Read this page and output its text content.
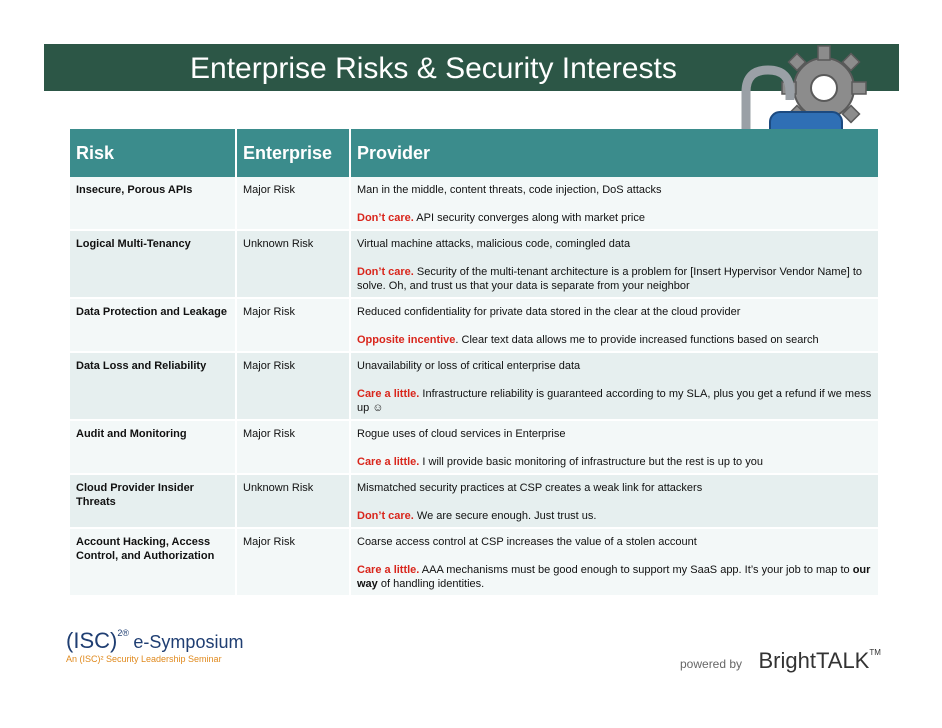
Enterprise Risks & Security Interests
Risk	Enterprise	Provider
Insecure, Porous APIs	Major Risk	Man in the middle, content threats, code injection, DoS attacks
Don’t care. API security converges along with market price

Logical Multi-Tenancy	Unknown Risk	Virtual machine attacks, malicious code, comingled data
Don’t care. Security of the multi-tenant architecture is a problem for [Insert Hypervisor Vendor Name] to solve. Oh, and trust us that your data is separate from your neighbor

Data Protection and Leakage	Major Risk	Reduced confidentiality for private data stored in the clear at the cloud provider
Opposite incentive. Clear text data allows me to provide increased functions based on search

Data Loss and Reliability	Major Risk	Unavailability or loss of critical enterprise data
Care a little. Infrastructure reliability is guaranteed according to my SLA, plus you get a refund if we mess up ☺

Audit and Monitoring	Major Risk	Rogue uses of cloud services in Enterprise
Care a little. I will provide basic monitoring of infrastructure but the rest is up to you

Cloud Provider Insider Threats	Unknown Risk	Mismatched security practices at CSP creates a weak link for attackers
Don’t care. We are secure enough. Just trust us.

Account Hacking, Access Control, and Authorization	Major Risk	Coarse access control at CSP increases the value of a stolen account
Care a little. AAA mechanisms must be good enough to support my SaaS app. It’s your job to map to our way of handling identities.
(ISC)$^{2®}$ e-Symposium
An (ISC)² Security Leadership Seminar	powered by BrightTALK™
